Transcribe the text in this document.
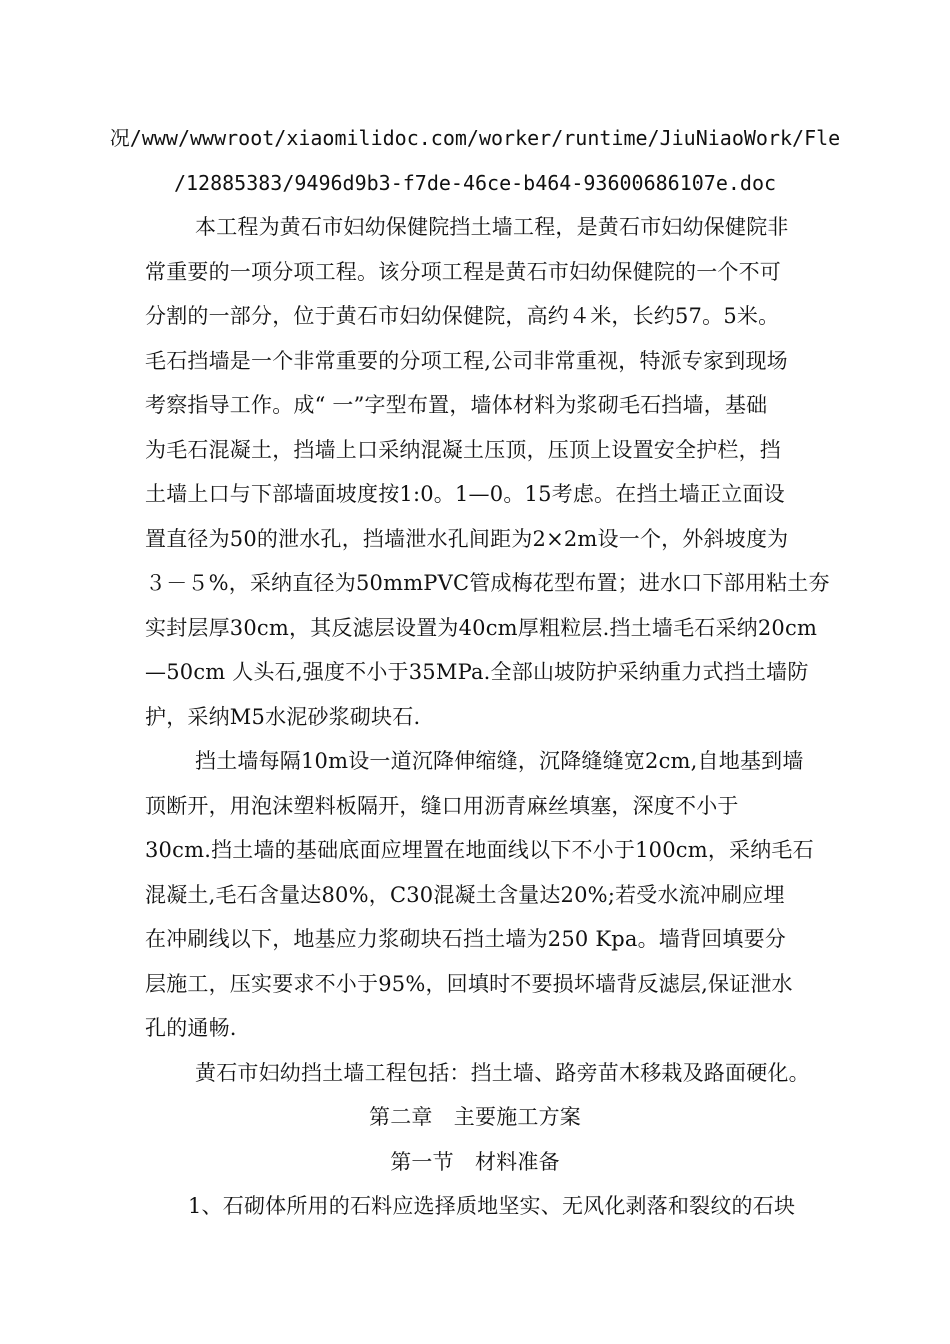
况/www/wwwroot/xiaomilidoc.com/worker/runtime/JiuNiaoWork/Fle
/12885383/9496d9b3-f7de-46ce-b464-93600686107e.doc
本工程为黄石市妇幼保健院挡土墙工程，是黄石市妇幼保健院非
常重要的一项分项工程。该分项工程是黄石市妇幼保健院的一个不可
分割的一部分，位于黄石市妇幼保健院，高约４米，长约57。5米。
毛石挡墙是一个非常重要的分项工程,公司非常重视，特派专家到现场
考察指导工作。成“ 一”字型布置，墙体材料为浆砌毛石挡墙，基础
为毛石混凝土，挡墙上口采纳混凝土压顶，压顶上设置安全护栏，挡
土墙上口与下部墙面坡度按1:0。1—0。15考虑。在挡土墙正立面设
置直径为50的泄水孔，挡墙泄水孔间距为2×2m设一个，外斜坡度为
３－５%，采纳直径为50mmPVC管成梅花型布置；进水口下部用粘土夯
实封层厚30cm，其反滤层设置为40cm厚粗粒层.挡土墙毛石采纳20cm
—50cm 人头石,强度不小于35MPa.全部山坡防护采纳重力式挡土墙防
护，采纳M5水泥砂浆砌块石.
挡土墙每隔10m设一道沉降伸缩缝，沉降缝缝宽2cm,自地基到墙
顶断开，用泡沫塑料板隔开，缝口用沥青麻丝填塞，深度不小于
30cm.挡土墙的基础底面应埋置在地面线以下不小于100cm，采纳毛石
混凝土,毛石含量达80%，C30混凝土含量达20%;若受水流冲刷应埋
在冲刷线以下，地基应力浆砌块石挡土墙为250 Kpa。墙背回填要分
层施工，压实要求不小于95%，回填时不要损坏墙背反滤层,保证泄水
孔的通畅.
黄石市妇幼挡土墙工程包括：挡土墙、路旁苗木移栽及路面硬化。
第二章　主要施工方案
第一节　材料准备
1、石砌体所用的石料应选择质地坚实、无风化剥落和裂纹的石块
